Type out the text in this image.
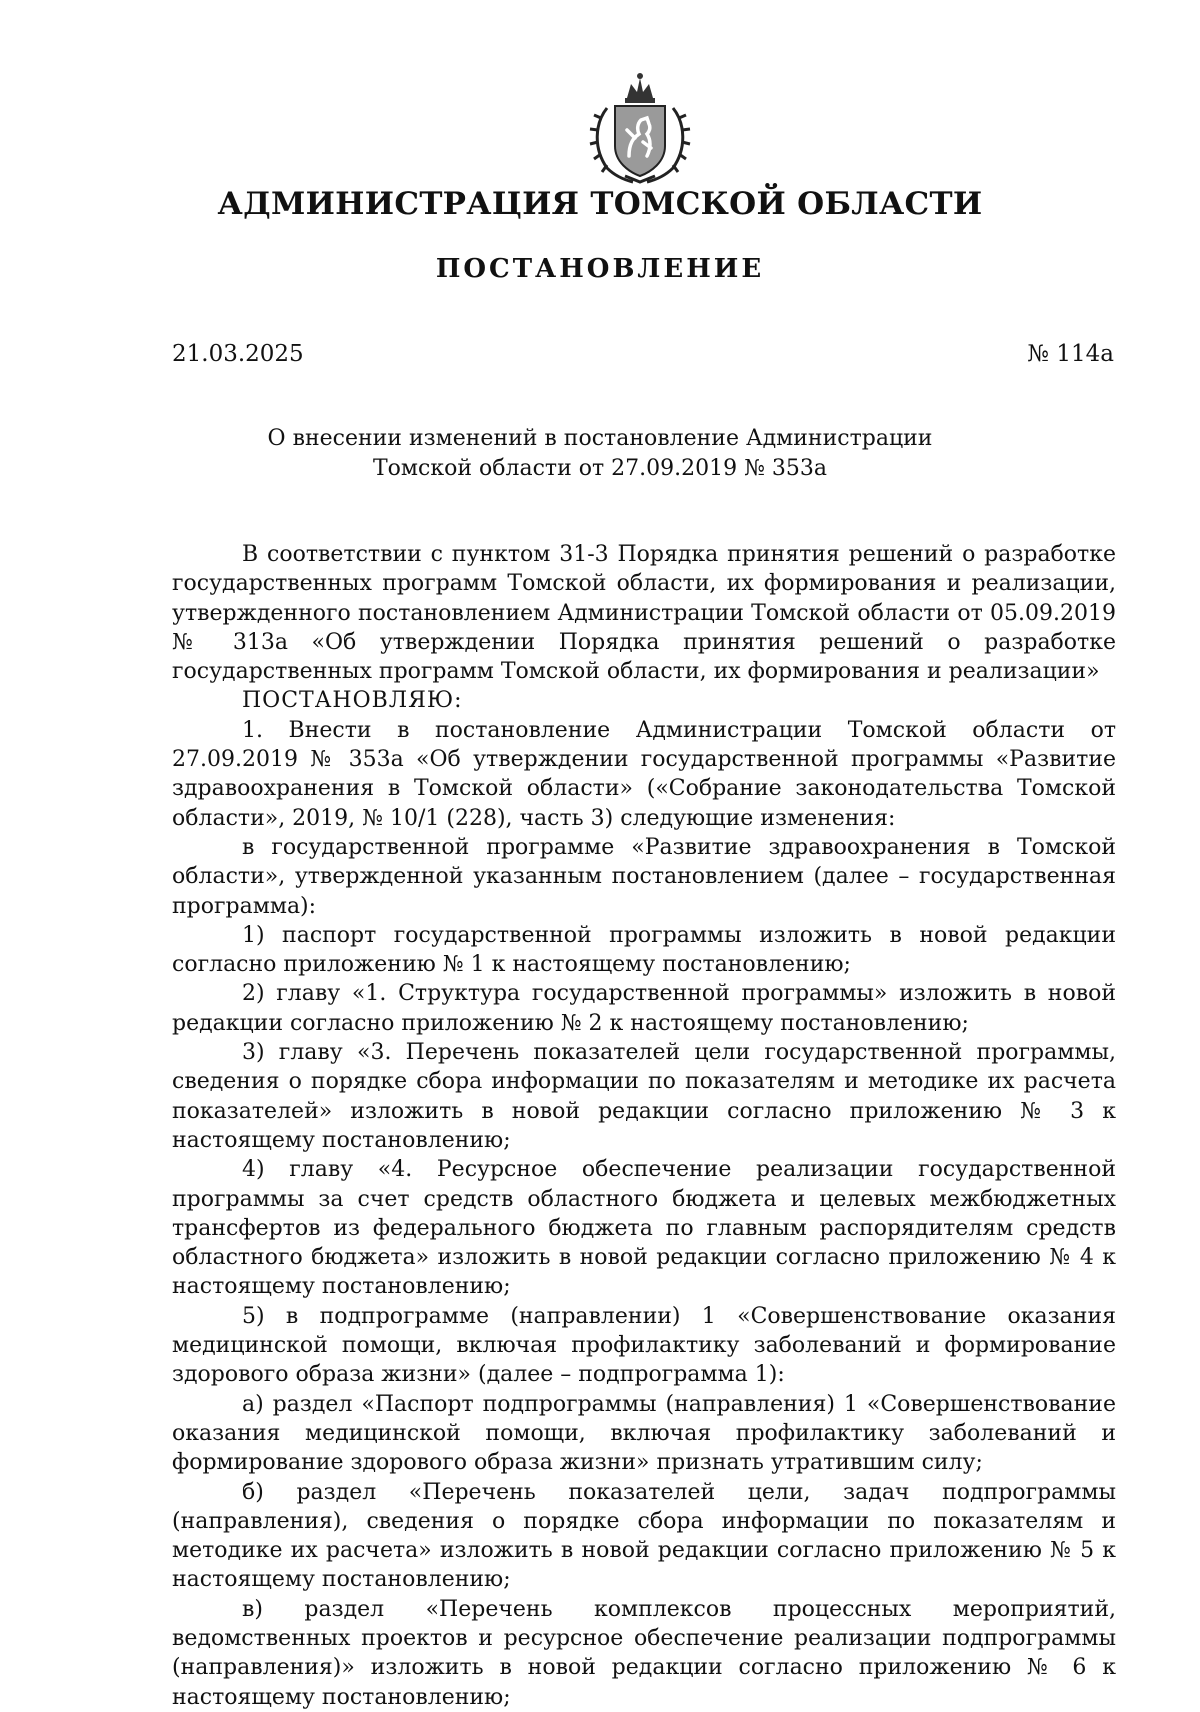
АДМИНИСТРАЦИЯ ТОМСКОЙ ОБЛАСТИ
ПОСТАНОВЛЕНИЕ
21.03.2025	№ 114а
О внесении изменений в постановление Администрации
Томской области от 27.09.2019 № 353а

В соответствии с пунктом 31-3 Порядка принятия решений о разработке государственных программ Томской области, их формирования и реализации, утвержденного постановлением Администрации Томской области от 05.09.2019 № 313а «Об утверждении Порядка принятия решений о разработке государственных программ Томской области, их формирования и реализации»

ПОСТАНОВЛЯЮ:

1. Внести в постановление Администрации Томской области от 27.09.2019 № 353а «Об утверждении государственной программы «Развитие здравоохранения в Томской области» («Собрание законодательства Томской области», 2019, № 10/1 (228), часть 3) следующие изменения:

в государственной программе «Развитие здравоохранения в Томской области», утвержденной указанным постановлением (далее – государственная программа):

1) паспорт государственной программы изложить в новой редакции согласно приложению № 1 к настоящему постановлению;

2) главу «1. Структура государственной программы» изложить в новой редакции согласно приложению № 2 к настоящему постановлению;

3) главу «3. Перечень показателей цели государственной программы, сведения о порядке сбора информации по показателям и методике их расчета показателей» изложить в новой редакции согласно приложению № 3 к настоящему постановлению;

4) главу «4. Ресурсное обеспечение реализации государственной программы за счет средств областного бюджета и целевых межбюджетных трансфертов из федерального бюджета по главным распорядителям средств областного бюджета» изложить в новой редакции согласно приложению № 4 к настоящему постановлению;

5) в подпрограмме (направлении) 1 «Совершенствование оказания медицинской помощи, включая профилактику заболеваний и формирование здорового образа жизни» (далее – подпрограмма 1):

а) раздел «Паспорт подпрограммы (направления) 1 «Совершенствование оказания медицинской помощи, включая профилактику заболеваний и формирование здорового образа жизни» признать утратившим силу;

б) раздел «Перечень показателей цели, задач подпрограммы (направления), сведения о порядке сбора информации по показателям и методике их расчета» изложить в новой редакции согласно приложению № 5 к настоящему постановлению;

в) раздел «Перечень комплексов процессных мероприятий, ведомственных проектов и ресурсное обеспечение реализации подпрограммы (направления)» изложить в новой редакции согласно приложению № 6 к настоящему постановлению;
